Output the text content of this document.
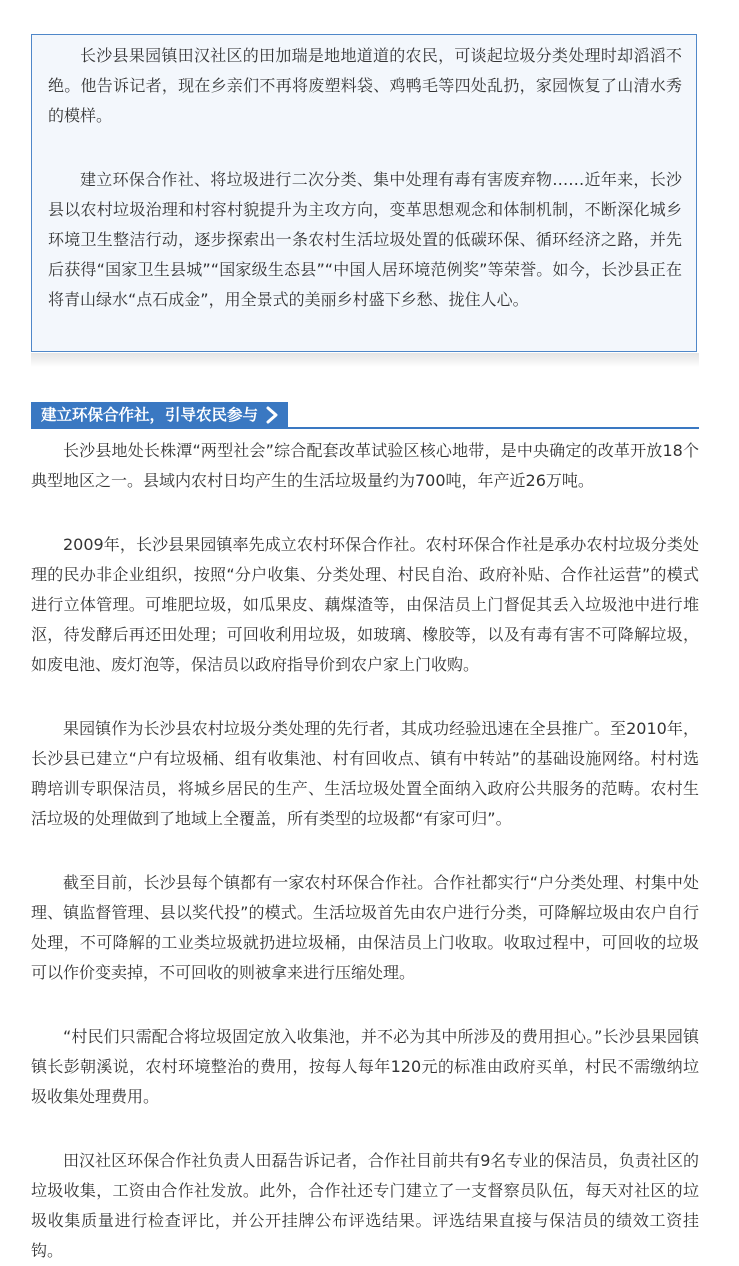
长沙县果园镇田汉社区的田加瑞是地地道道的农民，可谈起垃圾分类处理时却滔滔不绝。他告诉记者，现在乡亲们不再将废塑料袋、鸡鸭毛等四处乱扔，家园恢复了山清水秀的模样。

建立环保合作社、将垃圾进行二次分类、集中处理有毒有害废弃物……近年来，长沙县以农村垃圾治理和村容村貌提升为主攻方向，变革思想观念和体制机制，不断深化城乡环境卫生整洁行动，逐步探索出一条农村生活垃圾处置的低碳环保、循环经济之路，并先后获得“国家卫生县城”“国家级生态县”“中国人居环境范例奖”等荣誉。如今，长沙县正在将青山绿水“点石成金”，用全景式的美丽乡村盛下乡愁、拢住人心。

建立环保合作社，引导农民参与

长沙县地处长株潭“两型社会”综合配套改革试验区核心地带，是中央确定的改革开放18个典型地区之一。县域内农村日均产生的生活垃圾量约为700吨，年产近26万吨。

2009年，长沙县果园镇率先成立农村环保合作社。农村环保合作社是承办农村垃圾分类处理的民办非企业组织，按照“分户收集、分类处理、村民自治、政府补贴、合作社运营”的模式进行立体管理。可堆肥垃圾，如瓜果皮、藕煤渣等，由保洁员上门督促其丢入垃圾池中进行堆沤，待发酵后再还田处理；可回收利用垃圾，如玻璃、橡胶等，以及有毒有害不可降解垃圾，如废电池、废灯泡等，保洁员以政府指导价到农户家上门收购。

果园镇作为长沙县农村垃圾分类处理的先行者，其成功经验迅速在全县推广。至2010年，长沙县已建立“户有垃圾桶、组有收集池、村有回收点、镇有中转站”的基础设施网络。村村选聘培训专职保洁员，将城乡居民的生产、生活垃圾处置全面纳入政府公共服务的范畴。农村生活垃圾的处理做到了地域上全覆盖，所有类型的垃圾都“有家可归”。

截至目前，长沙县每个镇都有一家农村环保合作社。合作社都实行“户分类处理、村集中处理、镇监督管理、县以奖代投”的模式。生活垃圾首先由农户进行分类，可降解垃圾由农户自行处理，不可降解的工业类垃圾就扔进垃圾桶，由保洁员上门收取。收取过程中，可回收的垃圾可以作价变卖掉，不可回收的则被拿来进行压缩处理。

“村民们只需配合将垃圾固定放入收集池，并不必为其中所涉及的费用担心。”长沙县果园镇镇长彭朝溪说，农村环境整治的费用，按每人每年120元的标准由政府买单，村民不需缴纳垃圾收集处理费用。

田汉社区环保合作社负责人田磊告诉记者，合作社目前共有9名专业的保洁员，负责社区的垃圾收集，工资由合作社发放。此外，合作社还专门建立了一支督察员队伍，每天对社区的垃圾收集质量进行检查评比，并公开挂牌公布评选结果。评选结果直接与保洁员的绩效工资挂钩。
